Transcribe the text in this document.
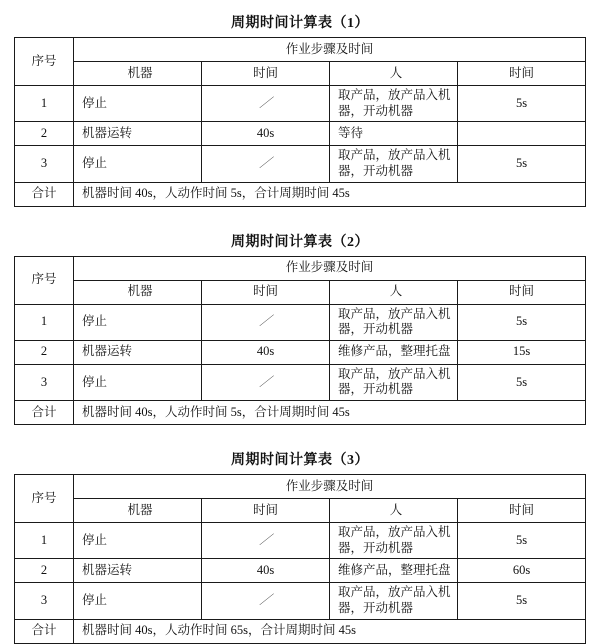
周期时间计算表（1）
序号	作业步骤及时间			
	机器	时间	人	时间
1	停止	／	取产品，放产品入机器，开动机器	5s
2	机器运转	40s	等待	
3	停止	／	取产品，放产品入机器，开动机器	5s
合计	机器时间 40s，人动作时间 5s，合计周期时间 45s			
周期时间计算表（2）
序号	作业步骤及时间			
	机器	时间	人	时间
1	停止	／	取产品，放产品入机器，开动机器	5s
2	机器运转	40s	维修产品，整理托盘	15s
3	停止	／	取产品，放产品入机器，开动机器	5s
合计	机器时间 40s，人动作时间 5s，合计周期时间 45s			
周期时间计算表（3）
序号	作业步骤及时间			
	机器	时间	人	时间
1	停止	／	取产品，放产品入机器，开动机器	5s
2	机器运转	40s	维修产品，整理托盘	60s
3	停止	／	取产品，放产品入机器，开动机器	5s
合计	机器时间 40s，人动作时间 65s，合计周期时间 45s			
